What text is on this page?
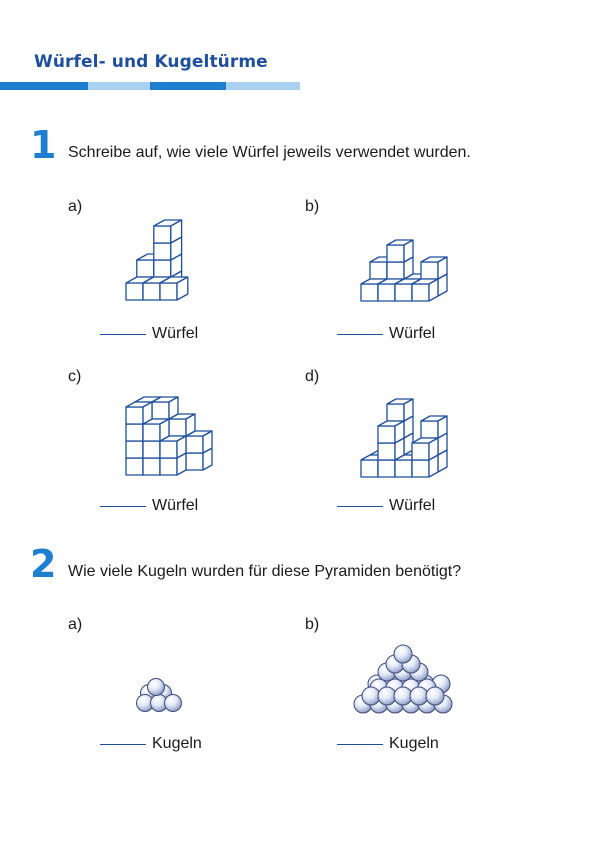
Würfel- und Kugeltürme
1 Schreibe auf, wie viele Würfel jeweils verwendet wurden.
a)	b)
c)	d)
Würfel	Würfel
Würfel	Würfel
2 Wie viele Kugeln wurden für diese Pyramiden benötigt?
a)	b)
Kugeln	Kugeln
